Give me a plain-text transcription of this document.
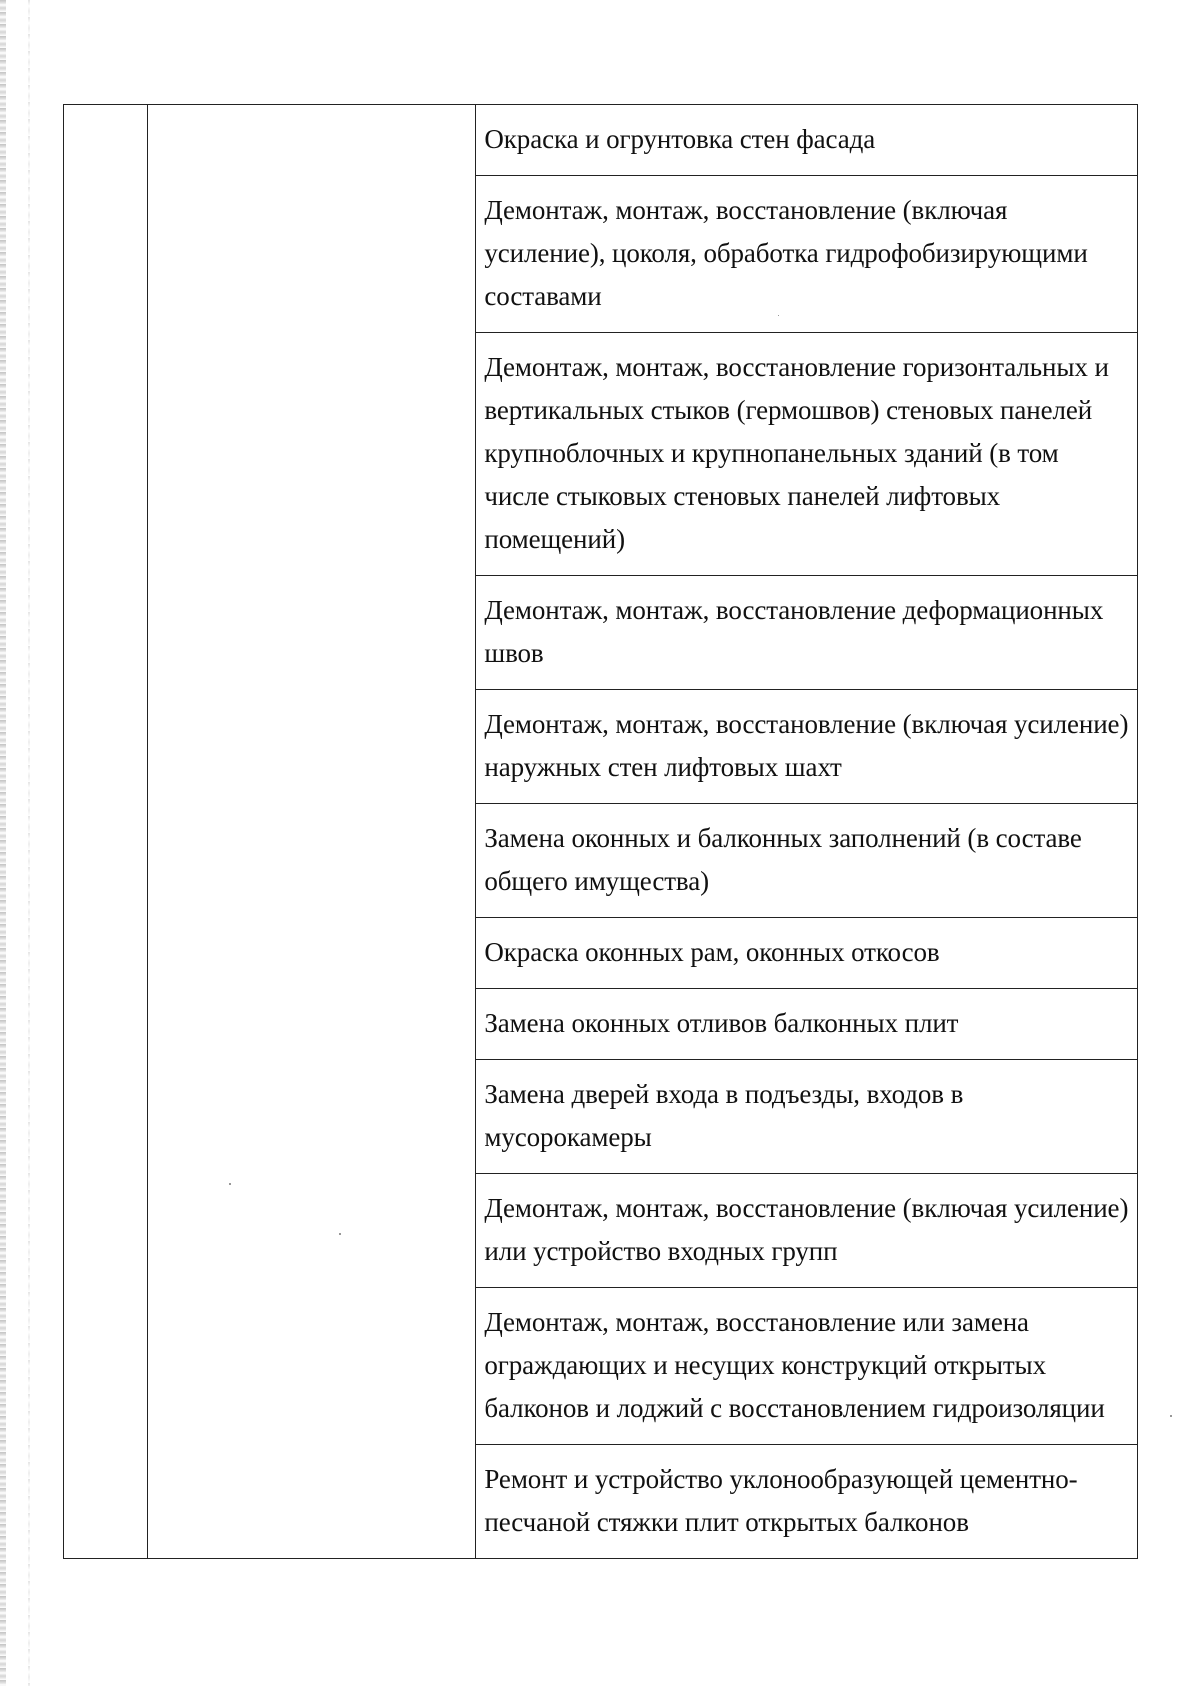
Окраска и огрунтовка стен фасада

Демонтаж, монтаж, восстановление (включая усиление), цоколя, обработка гидрофобизирующими составами

Демонтаж, монтаж, восстановление горизонтальных и вертикальных стыков (гермошвов) стеновых панелей крупноблочных и крупнопанельных зданий (в том числе стыковых стеновых панелей лифтовых помещений)

Демонтаж, монтаж, восстановление деформационных швов

Демонтаж, монтаж, восстановление (включая усиление) наружных стен лифтовых шахт

Замена оконных и балконных заполнений (в составе общего имущества)

Окраска оконных рам, оконных откосов

Замена оконных отливов балконных плит

Замена дверей входа в подъезды, входов в мусорокамеры

Демонтаж, монтаж, восстановление (включая усиление) или устройство входных групп

Демонтаж, монтаж, восстановление или замена ограждающих и несущих конструкций открытых балконов и лоджий с восстановлением гидроизоляции

Ремонт и устройство уклонообразующей цементно-песчаной стяжки плит открытых балконов
